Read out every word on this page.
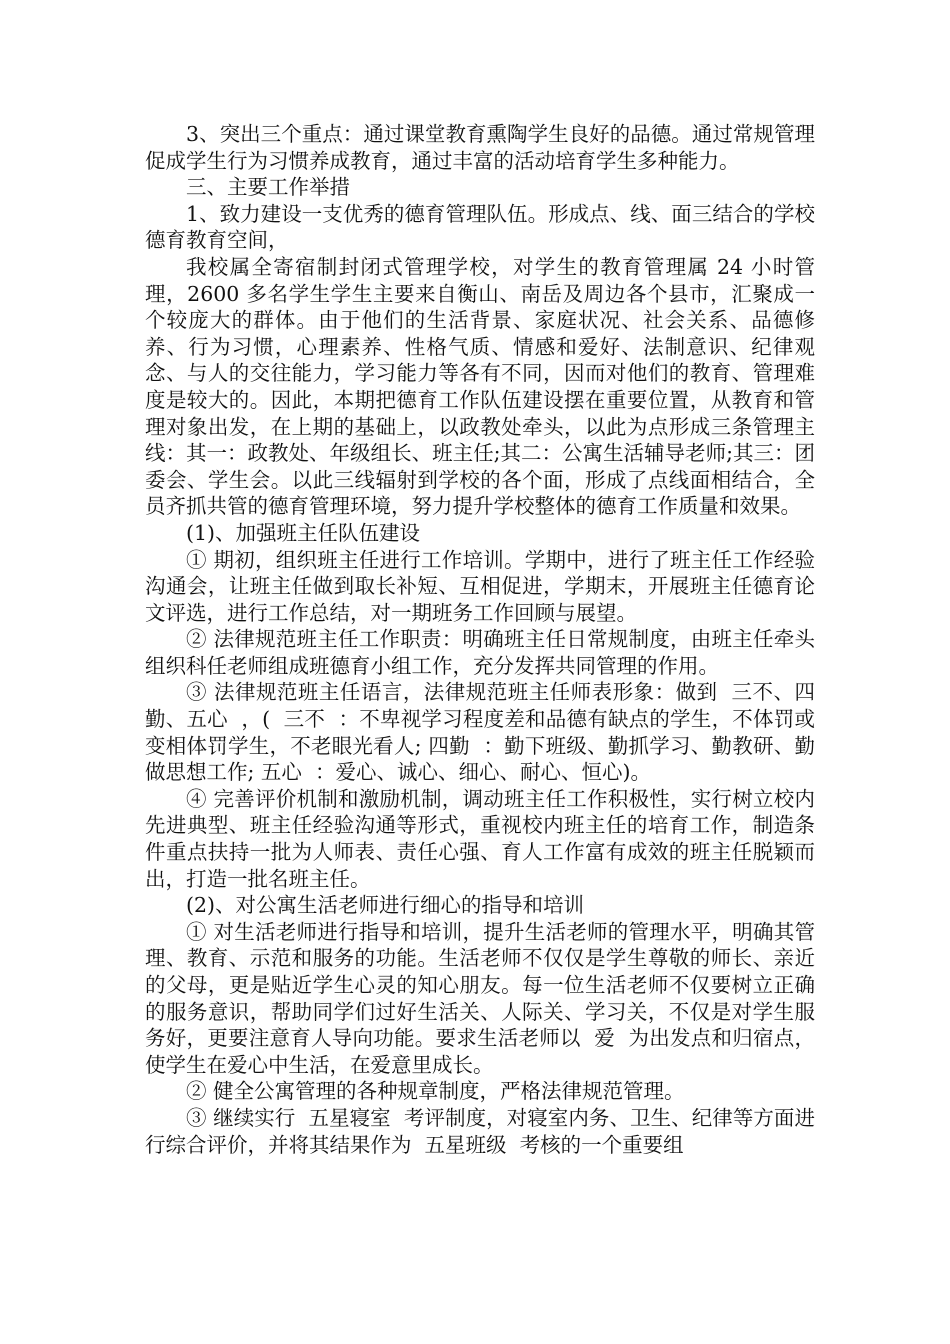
3、突出三个重点：通过课堂教育熏陶学生良好的品德。通过常规管理促成学生行为习惯养成教育，通过丰富的活动培育学生多种能力。

三、主要工作举措

1、致力建设一支优秀的德育管理队伍。形成点、线、面三结合的学校德育教育空间，

我校属全寄宿制封闭式管理学校，对学生的教育管理属 24 小时管理，2600 多名学生学生主要来自衡山、南岳及周边各个县市，汇聚成一个较庞大的群体。由于他们的生活背景、家庭状况、社会关系、品德修养、行为习惯，心理素养、性格气质、情感和爱好、法制意识、纪律观念、与人的交往能力，学习能力等各有不同，因而对他们的教育、管理难度是较大的。因此，本期把德育工作队伍建设摆在重要位置，从教育和管理对象出发，在上期的基础上，以政教处牵头，以此为点形成三条管理主线：其一：政教处、年级组长、班主任;其二：公寓生活辅导老师;其三：团委会、学生会。以此三线辐射到学校的各个面，形成了点线面相结合，全员齐抓共管的德育管理环境，努力提升学校整体的德育工作质量和效果。

(1)、加强班主任队伍建设

① 期初，组织班主任进行工作培训。学期中，进行了班主任工作经验沟通会，让班主任做到取长补短、互相促进，学期末，开展班主任德育论文评选，进行工作总结，对一期班务工作回顾与展望。

② 法律规范班主任工作职责：明确班主任日常规制度，由班主任牵头组织科任老师组成班德育小组工作，充分发挥共同管理的作用。

③ 法律规范班主任语言，法律规范班主任师表形象：做到  三不、四勤、五心  ，(  三不  ：不卑视学习程度差和品德有缺点的学生，不体罚或变相体罚学生，不老眼光看人; 四勤  ：勤下班级、勤抓学习、勤教研、勤做思想工作; 五心  ：爱心、诚心、细心、耐心、恒心)。

④ 完善评价机制和激励机制，调动班主任工作积极性，实行树立校内先进典型、班主任经验沟通等形式，重视校内班主任的培育工作，制造条件重点扶持一批为人师表、责任心强、育人工作富有成效的班主任脱颖而出，打造一批名班主任。

(2)、对公寓生活老师进行细心的指导和培训

① 对生活老师进行指导和培训，提升生活老师的管理水平，明确其管理、教育、示范和服务的功能。生活老师不仅仅是学生尊敬的师长、亲近的父母，更是贴近学生心灵的知心朋友。每一位生活老师不仅要树立正确的服务意识，帮助同学们过好生活关、人际关、学习关，不仅是对学生服务好，更要注意育人导向功能。要求生活老师以  爱  为出发点和归宿点，使学生在爱心中生活，在爱意里成长。

② 健全公寓管理的各种规章制度，严格法律规范管理。

③ 继续实行  五星寝室  考评制度，对寝室内务、卫生、纪律等方面进行综合评价，并将其结果作为  五星班级  考核的一个重要组
